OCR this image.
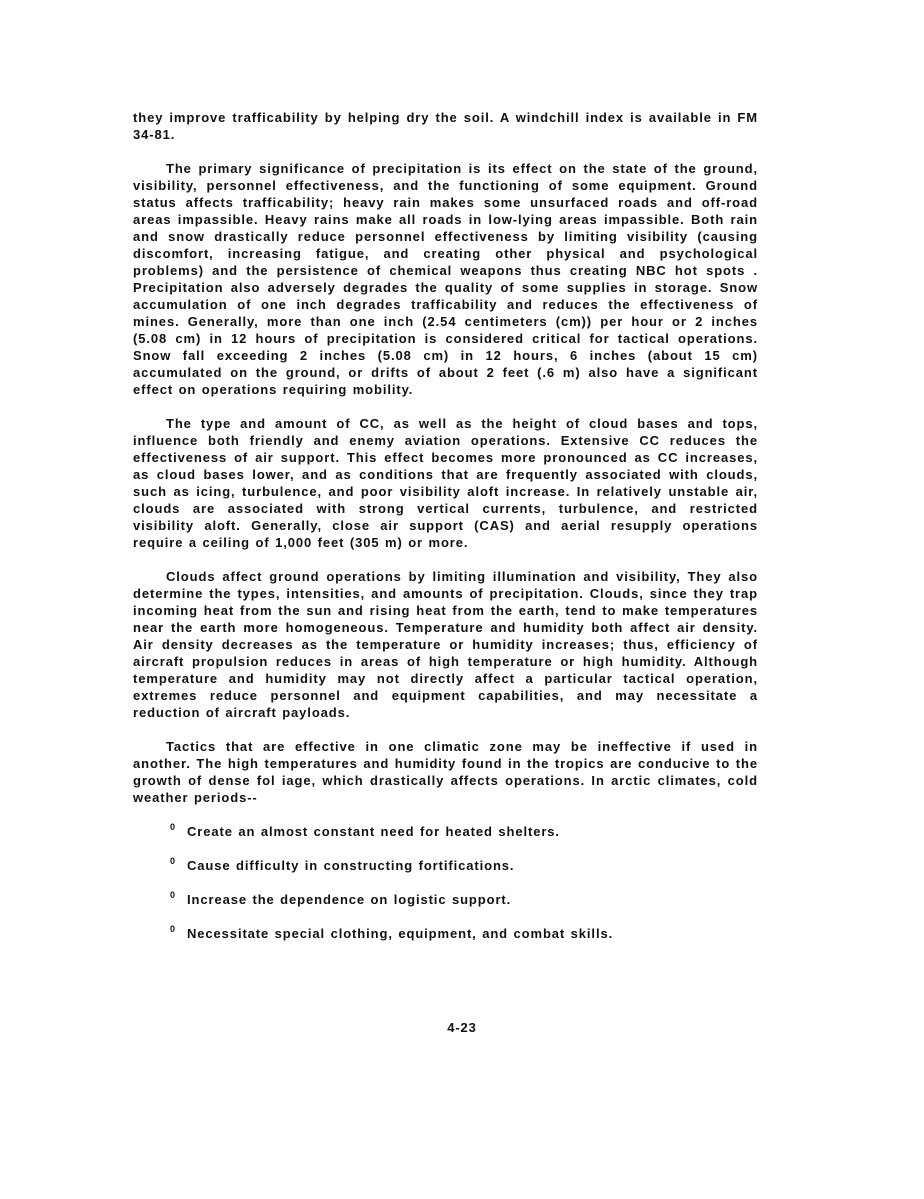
they improve trafficability by helping dry the soil. A windchill index is available in FM 34-81.

The primary significance of precipitation is its effect on the state of the ground, visibility, personnel effectiveness, and the functioning of some equipment. Ground status affects trafficability; heavy rain makes some unsurfaced roads and off-road areas impassible. Heavy rains make all roads in low-lying areas impassible. Both rain and snow drastically reduce personnel effectiveness by limiting visibility (causing discomfort, increasing fatigue, and creating other physical and psychological problems) and the persistence of chemical weapons thus creating NBC hot spots . Precipitation also adversely degrades the quality of some supplies in storage. Snow accumulation of one inch degrades trafficability and reduces the effectiveness of mines. Generally, more than one inch (2.54 centimeters (cm)) per hour or 2 inches (5.08 cm) in 12 hours of precipitation is considered critical for tactical operations. Snow fall exceeding 2 inches (5.08 cm) in 12 hours, 6 inches (about 15 cm) accumulated on the ground, or drifts of about 2 feet (.6 m) also have a significant effect on operations requiring mobility.

The type and amount of CC, as well as the height of cloud bases and tops, influence both friendly and enemy aviation operations. Extensive CC reduces the effectiveness of air support. This effect becomes more pronounced as CC increases, as cloud bases lower, and as conditions that are frequently associated with clouds, such as icing, turbulence, and poor visibility aloft increase. In relatively unstable air, clouds are associated with strong vertical currents, turbulence, and restricted visibility aloft. Generally, close air support (CAS) and aerial resupply operations require a ceiling of 1,000 feet (305 m) or more.

Clouds affect ground operations by limiting illumination and visibility, They also determine the types, intensities, and amounts of precipitation. Clouds, since they trap incoming heat from the sun and rising heat from the earth, tend to make temperatures near the earth more homogeneous. Temperature and humidity both affect air density. Air density decreases as the temperature or humidity increases; thus, efficiency of aircraft propulsion reduces in areas of high temperature or high humidity. Although temperature and humidity may not directly affect a particular tactical operation, extremes reduce personnel and equipment capabilities, and may necessitate a reduction of aircraft payloads.

Tactics that are effective in one climatic zone may be ineffective if used in another. The high temperatures and humidity found in the tropics are conducive to the growth of dense fol iage, which drastically affects operations. In arctic climates, cold weather periods--

0 Create an almost constant need for heated shelters.
0 Cause difficulty in constructing fortifications.
0 Increase the dependence on logistic support.
0 Necessitate special clothing, equipment, and combat skills.
4-23
